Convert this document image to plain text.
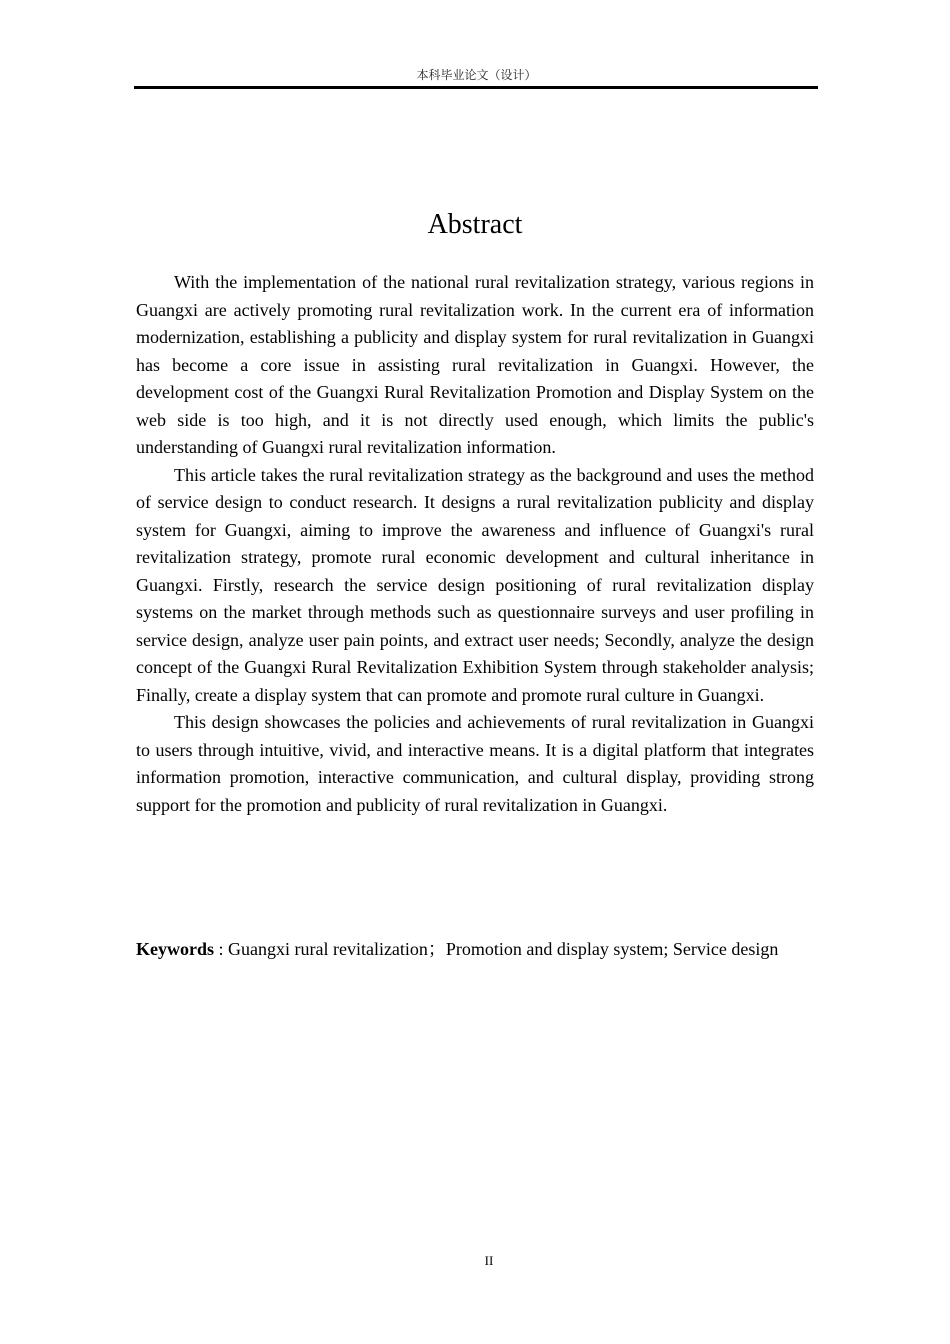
本科毕业论文（设计）
Abstract

With the implementation of the national rural revitalization strategy, various regions in Guangxi are actively promoting rural revitalization work. In the current era of information modernization, establishing a publicity and display system for rural revitalization in Guangxi has become a core issue in assisting rural revitalization in Guangxi. However, the development cost of the Guangxi Rural Revitalization Promotion and Display System on the web side is too high, and it is not directly used enough, which limits the public's understanding of Guangxi rural revitalization information.

This article takes the rural revitalization strategy as the background and uses the method of service design to conduct research. It designs a rural revitalization publicity and display system for Guangxi, aiming to improve the awareness and influence of Guangxi's rural revitalization strategy, promote rural economic development and cultural inheritance in Guangxi. Firstly, research the service design positioning of rural revitalization display systems on the market through methods such as questionnaire surveys and user profiling in service design, analyze user pain points, and extract user needs; Secondly, analyze the design concept of the Guangxi Rural Revitalization Exhibition System through stakeholder analysis; Finally, create a display system that can promote and promote rural culture in Guangxi.

This design showcases the policies and achievements of rural revitalization in Guangxi to users through intuitive, vivid, and interactive means. It is a digital platform that integrates information promotion, interactive communication, and cultural display, providing strong support for the promotion and publicity of rural revitalization in Guangxi.

Keywords : Guangxi rural revitalization；Promotion and display system; Service design
II
